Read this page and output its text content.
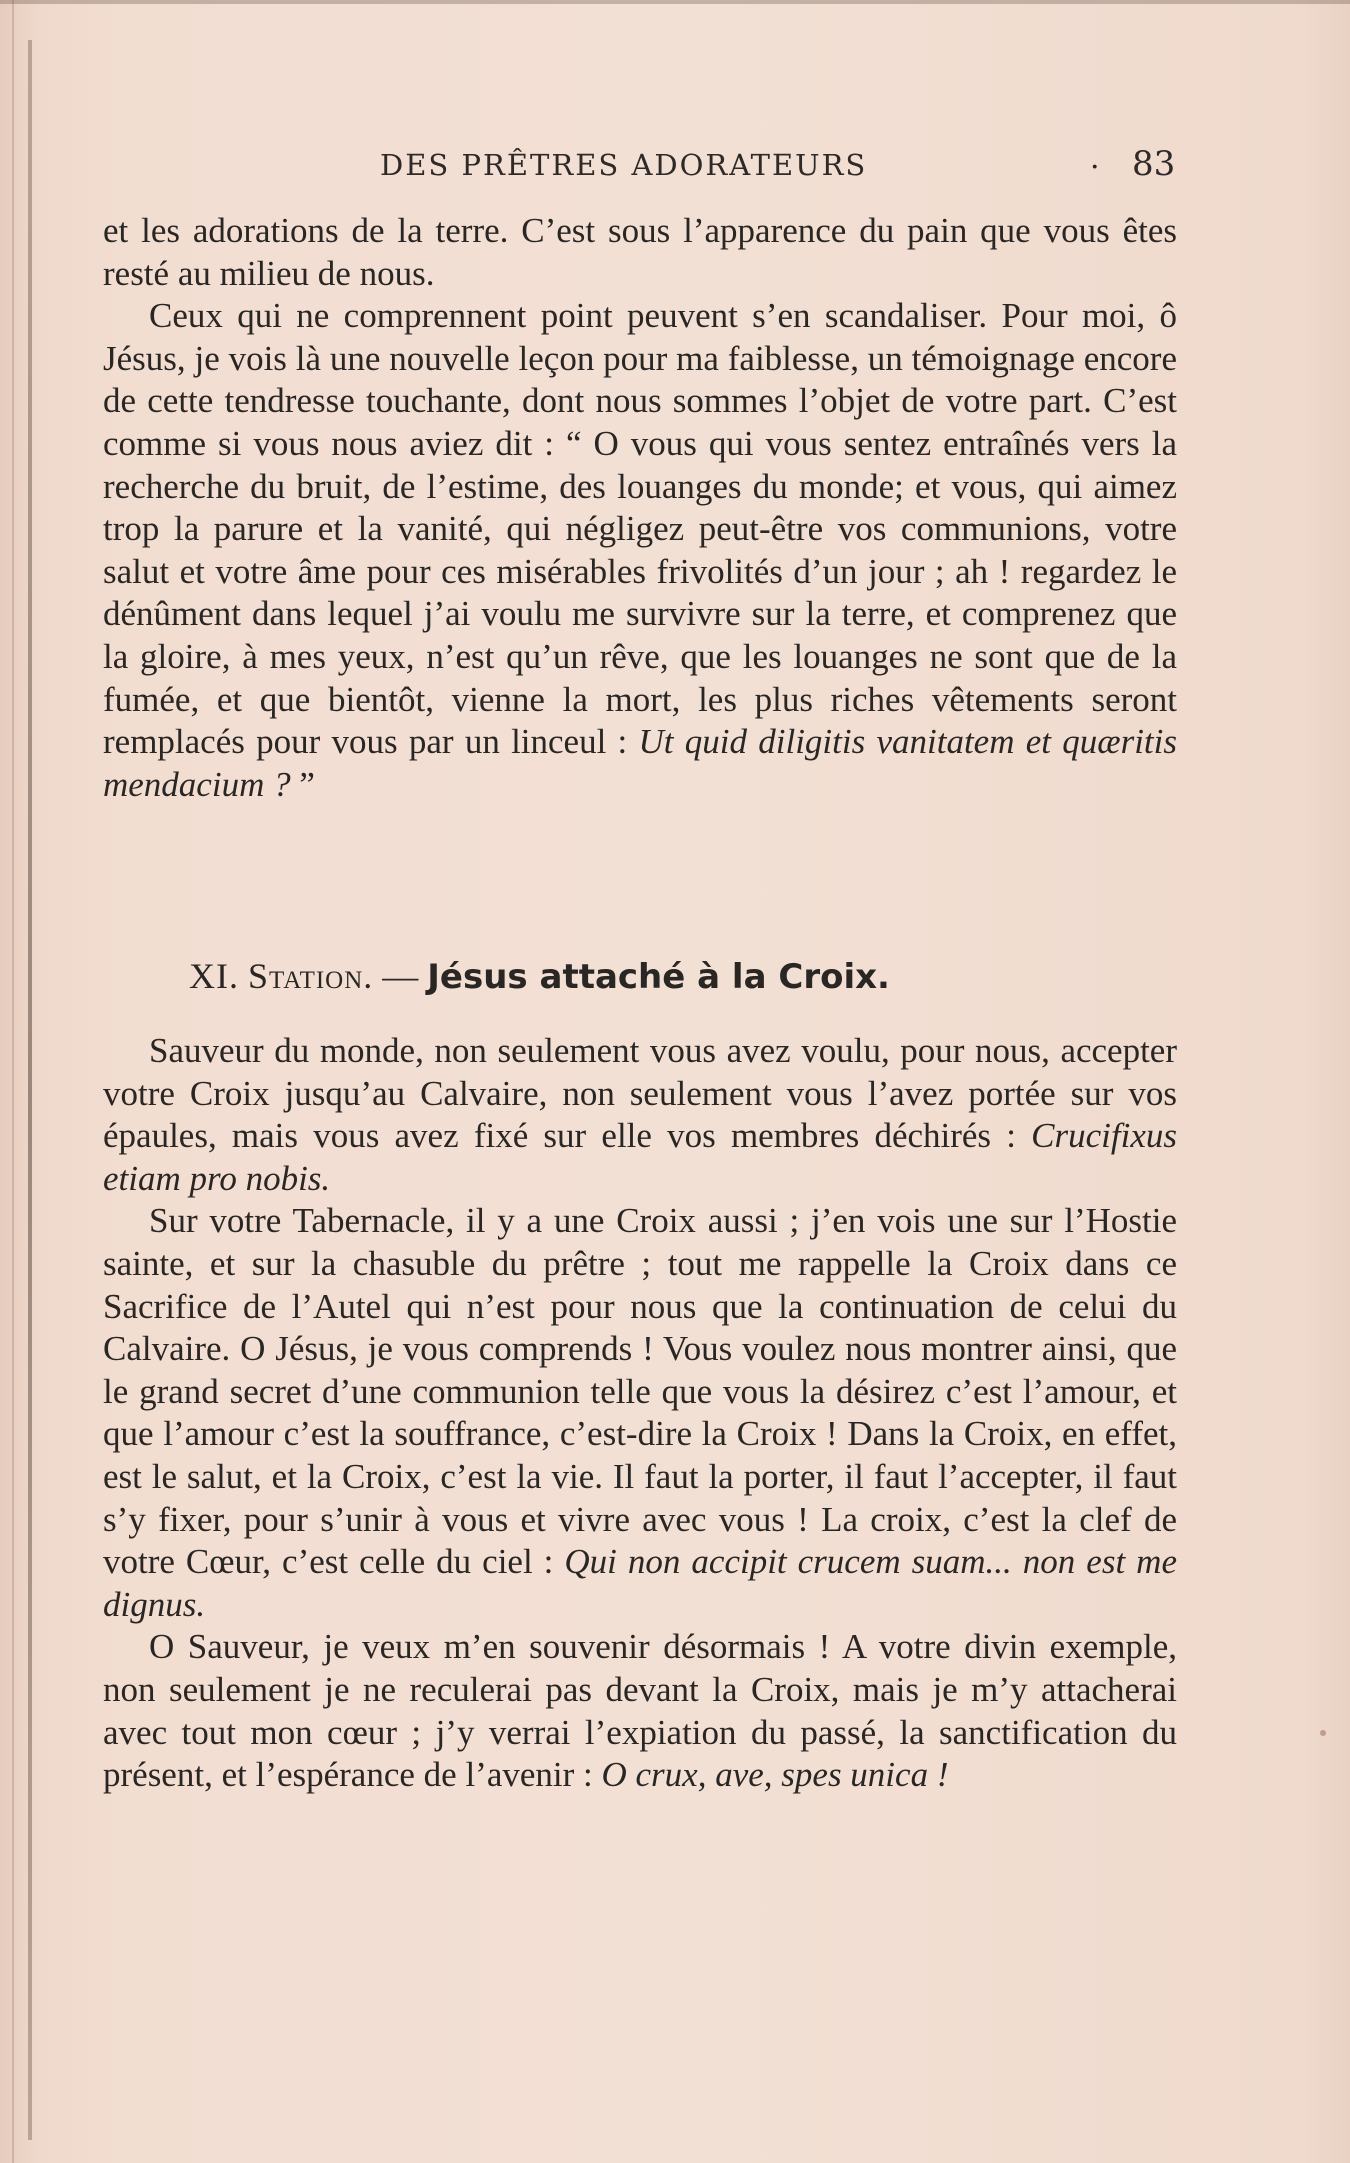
DES PRÊTRES ADORATEURS	· 83

et les adorations de la terre. C’est sous l’apparence du pain que vous êtes resté au milieu de nous.

Ceux qui ne comprennent point peuvent s’en scandaliser. Pour moi, ô Jésus, je vois là une nouvelle leçon pour ma faiblesse, un témoignage encore de cette tendresse touchante, dont nous sommes l’objet de votre part. C’est comme si vous nous aviez dit : “ O vous qui vous sentez entraînés vers la recherche du bruit, de l’estime, des louanges du monde; et vous, qui aimez trop la parure et la vanité, qui négligez peut-être vos communions, votre salut et votre âme pour ces misérables frivolités d’un jour ; ah ! regardez le dénûment dans lequel j’ai voulu me survivre sur la terre, et comprenez que la gloire, à mes yeux, n’est qu’un rêve, que les louanges ne sont que de la fumée, et que bientôt, vienne la mort, les plus riches vêtements seront remplacés pour vous par un linceul : Ut quid diligitis vanitatem et quæritis mendacium ? ”

XI. Station. — Jésus attaché à la Croix.

Sauveur du monde, non seulement vous avez voulu, pour nous, accepter votre Croix jusqu’au Calvaire, non seulement vous l’avez portée sur vos épaules, mais vous avez fixé sur elle vos membres déchirés : Crucifixus etiam pro nobis.

Sur votre Tabernacle, il y a une Croix aussi ; j’en vois une sur l’Hostie sainte, et sur la chasuble du prêtre ; tout me rappelle la Croix dans ce Sacrifice de l’Autel qui n’est pour nous que la continuation de celui du Calvaire. O Jésus, je vous comprends ! Vous voulez nous montrer ainsi, que le grand secret d’une communion telle que vous la désirez c’est l’amour, et que l’amour c’est la souffrance, c’est-dire la Croix ! Dans la Croix, en effet, est le salut, et la Croix, c’est la vie. Il faut la porter, il faut l’accepter, il faut s’y fixer, pour s’unir à vous et vivre avec vous ! La croix, c’est la clef de votre Cœur, c’est celle du ciel : Qui non accipit crucem suam... non est me dignus.

O Sauveur, je veux m’en souvenir désormais ! A votre divin exemple, non seulement je ne reculerai pas devant la Croix, mais je m’y attacherai avec tout mon cœur ; j’y verrai l’expiation du passé, la sanctification du présent, et l’espérance de l’avenir : O crux, ave, spes unica !
